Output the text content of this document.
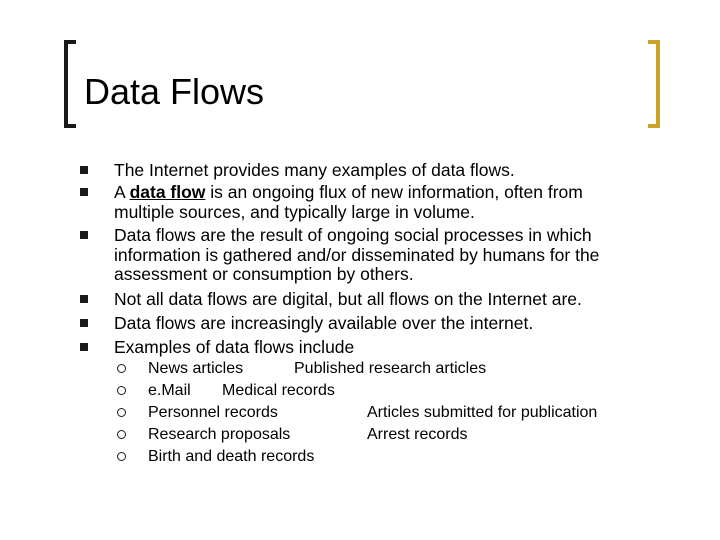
Data Flows
The Internet provides many examples of data flows.
A data flow is an ongoing flux of new information, often from
multiple sources, and typically large in volume.
Data flows are the result of ongoing social processes in which
information is gathered and/or disseminated by humans for the
assessment or consumption by others.
Not all data flows are digital, but all flows on the Internet are.
Data flows are increasingly available over the internet.
Examples of data flows include
News articles	Published research articles
e.Mail Medical records
Personnel records	Articles submitted for publication
Research proposals	Arrest records
Birth and death records
